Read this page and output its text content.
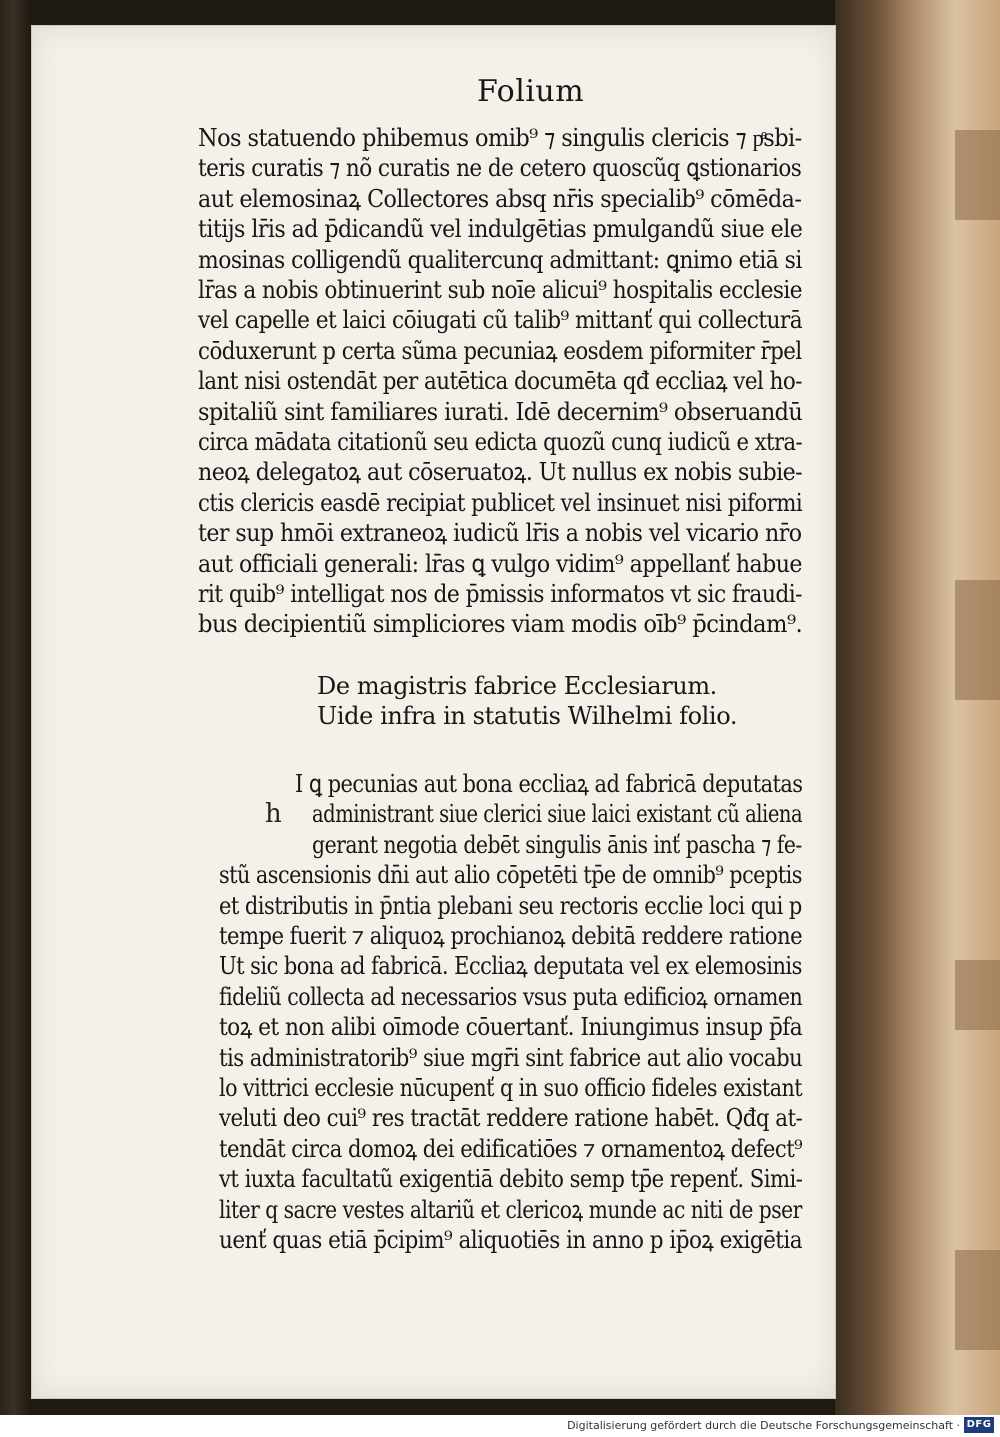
Folium
h
De magistris fabrice Ecclesiarum.
Uide infra in statutis Wilhelmi folio.
Nos statuendo phibemus omib⁹ ⁊ singulis clericis ⁊ pͤsbi-
teris curatis ⁊ nõ curatis ne de cetero quoscũq ꝗstionarios
aut elemosinaꝝ Collectores absq nr̄is specialib⁹ cōmēda-
titijs lr̄is ad p̄dicandũ vel indulgētias pmulgandũ siue ele
mosinas colligendũ qualitercunq admittant: ꝗnimo etiā si
lr̄as a nobis obtinuerint sub noīe alicui⁹ hospitalis ecclesie
vel capelle et laici cōiugati cũ talib⁹ mittanť qui collecturā
cōduxerunt p certa sũma pecuniaꝝ eosdem piformiter r̄pel
lant nisi ostendāt per autētica documēta qđ eccliaꝝ vel ho-
spitaliũ sint familiares iurati. Idē decernim⁹ obseruandū
circa mādata citationũ seu edicta quozũ cunq iudicũ e xtra-
neoꝝ delegatoꝝ aut cōseruatoꝝ. Ut nullus ex nobis subie-
ctis clericis easdē recipiat publicet vel insinuet nisi piformi
ter sup hmōi extraneoꝝ iudicũ lr̄is a nobis vel vicario nr̄o
aut officiali generali: lr̄as ꝗ vulgo vidim⁹ appellanť habue
rit quib⁹ intelligat nos de p̄missis informatos vt sic fraudi-
bus decipientiũ simpliciores viam modis oīb⁹ p̄cindam⁹.
I ꝗ pecunias aut bona eccliaꝝ ad fabricā deputatas
administrant siue clerici siue laici existant cũ aliena
gerant negotia debēt singulis ānis inť pascha ⁊ fe-
stũ ascensionis dn̄i aut alio cōpetēti tp̄e de omnib⁹ pceptis
et distributis in p̄ntia plebani seu rectoris ecclie loci qui p
tempe fuerit ⁊ aliquoꝝ prochianoꝝ debitā reddere ratione
Ut sic bona ad fabricā. Eccliaꝝ deputata vel ex elemosinis
fideliũ collecta ad necessarios vsus puta edificioꝝ ornamen
toꝝ et non alibi oīmode cōuertanť. Iniungimus insup p̄fa
tis administratorib⁹ siue mgr̄i sint fabrice aut alio vocabu
lo vittrici ecclesie nūcupenť q in suo officio fideles existant
veluti deo cui⁹ res tractāt reddere ratione habēt. Qđq at-
tendāt circa domoꝝ dei edificatiōes ⁊ ornamentoꝝ defect⁹
vt iuxta facultatũ exigentiā debito semp tp̄e repenť. Simi-
liter q sacre vestes altariũ et clericoꝝ munde ac niti de pser
uenť quas etiā p̄cipim⁹ aliquotiēs in anno p ip̄oꝝ exigētia
Digitalisierung gefördert durch die Deutsche Forschungsgemeinschaft · DFG
